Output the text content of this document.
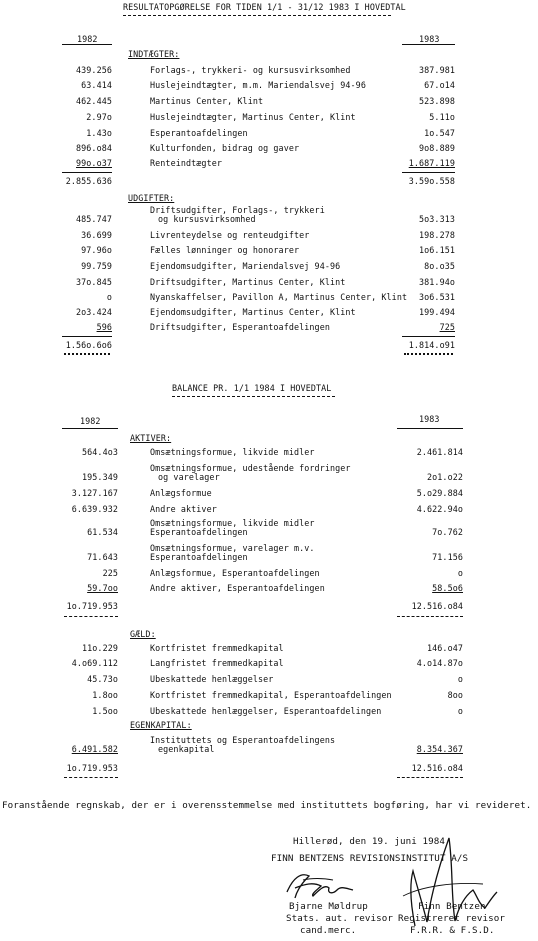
RESULTATOPGØRELSE FOR TIDEN 1/1 - 31/12 1983 I HOVEDTAL
1982	1983
INDTÆGTER:
439.256	Forlags-, trykkeri- og kursusvirksomhed	387.981
63.414	Huslejeindtægter, m.m. Mariendalsvej 94-96	67.o14
462.445	Martinus Center, Klint	523.898
2.97o	Huslejeindtægter, Martinus Center, Klint	5.11o
1.43o	Esperantoafdelingen	1o.547
896.o84	Kulturfonden, bidrag og gaver	9o8.889
99o.o37	Renteindtægter	1.687.119
2.855.636	3.59o.558
UDGIFTER:
Driftsudgifter, Forlags-, trykkeri
485.747	og kursusvirksomhed	5o3.313
36.699	Livrenteydelse og renteudgifter	198.278
97.96o	Fælles lønninger og honorarer	1o6.151
99.759	Ejendomsudgifter, Mariendalsvej 94-96	8o.o35
37o.845	Driftsudgifter, Martinus Center, Klint	381.94o
o	Nyanskaffelser, Pavillon A, Martinus Center, Klint	3o6.531
2o3.424	Ejendomsudgifter, Martinus Center, Klint	199.494
596	Driftsudgifter, Esperantoafdelingen	725
1.56o.6o6	1.814.o91
BALANCE PR. 1/1 1984 I HOVEDTAL
1982	1983
AKTIVER:
564.4o3	Omsætningsformue, likvide midler	2.461.814
Omsætningsformue, udestående fordringer
195.349	og varelager	2o1.o22
3.127.167	Anlægsformue	5.o29.884
6.639.932	Andre aktiver	4.622.94o
Omsætningsformue, likvide midler
61.534	Esperantoafdelingen	7o.762
Omsætningsformue, varelager m.v.
71.643	Esperantoafdelingen	71.156
225	Anlægsformue, Esperantoafdelingen	o
59.7oo	Andre aktiver, Esperantoafdelingen	58.5o6
1o.719.953	12.516.o84
GÆLD:
11o.229	Kortfristet fremmedkapital	146.o47
4.o69.112	Langfristet fremmedkapital	4.o14.87o
45.73o	Ubeskattede henlæggelser	o
1.8oo	Kortfristet fremmedkapital, Esperantoafdelingen	8oo
1.5oo	Ubeskattede henlæggelser, Esperantoafdelingen	o
EGENKAPITAL:
Instituttets og Esperantoafdelingens
6.491.582	egenkapital	8.354.367
1o.719.953	12.516.o84
Foranstående regnskab, der er i overensstemmelse med instituttets bogføring, har vi revideret.
Hillerød, den 19. juni 1984
FINN BENTZENS REVISIONSINSTITUT A/S
Bjarne Møldrup
Stats. aut. revisor
cand.merc.
Finn Bentzen
Registreret revisor
F.R.R. & F.S.D.
